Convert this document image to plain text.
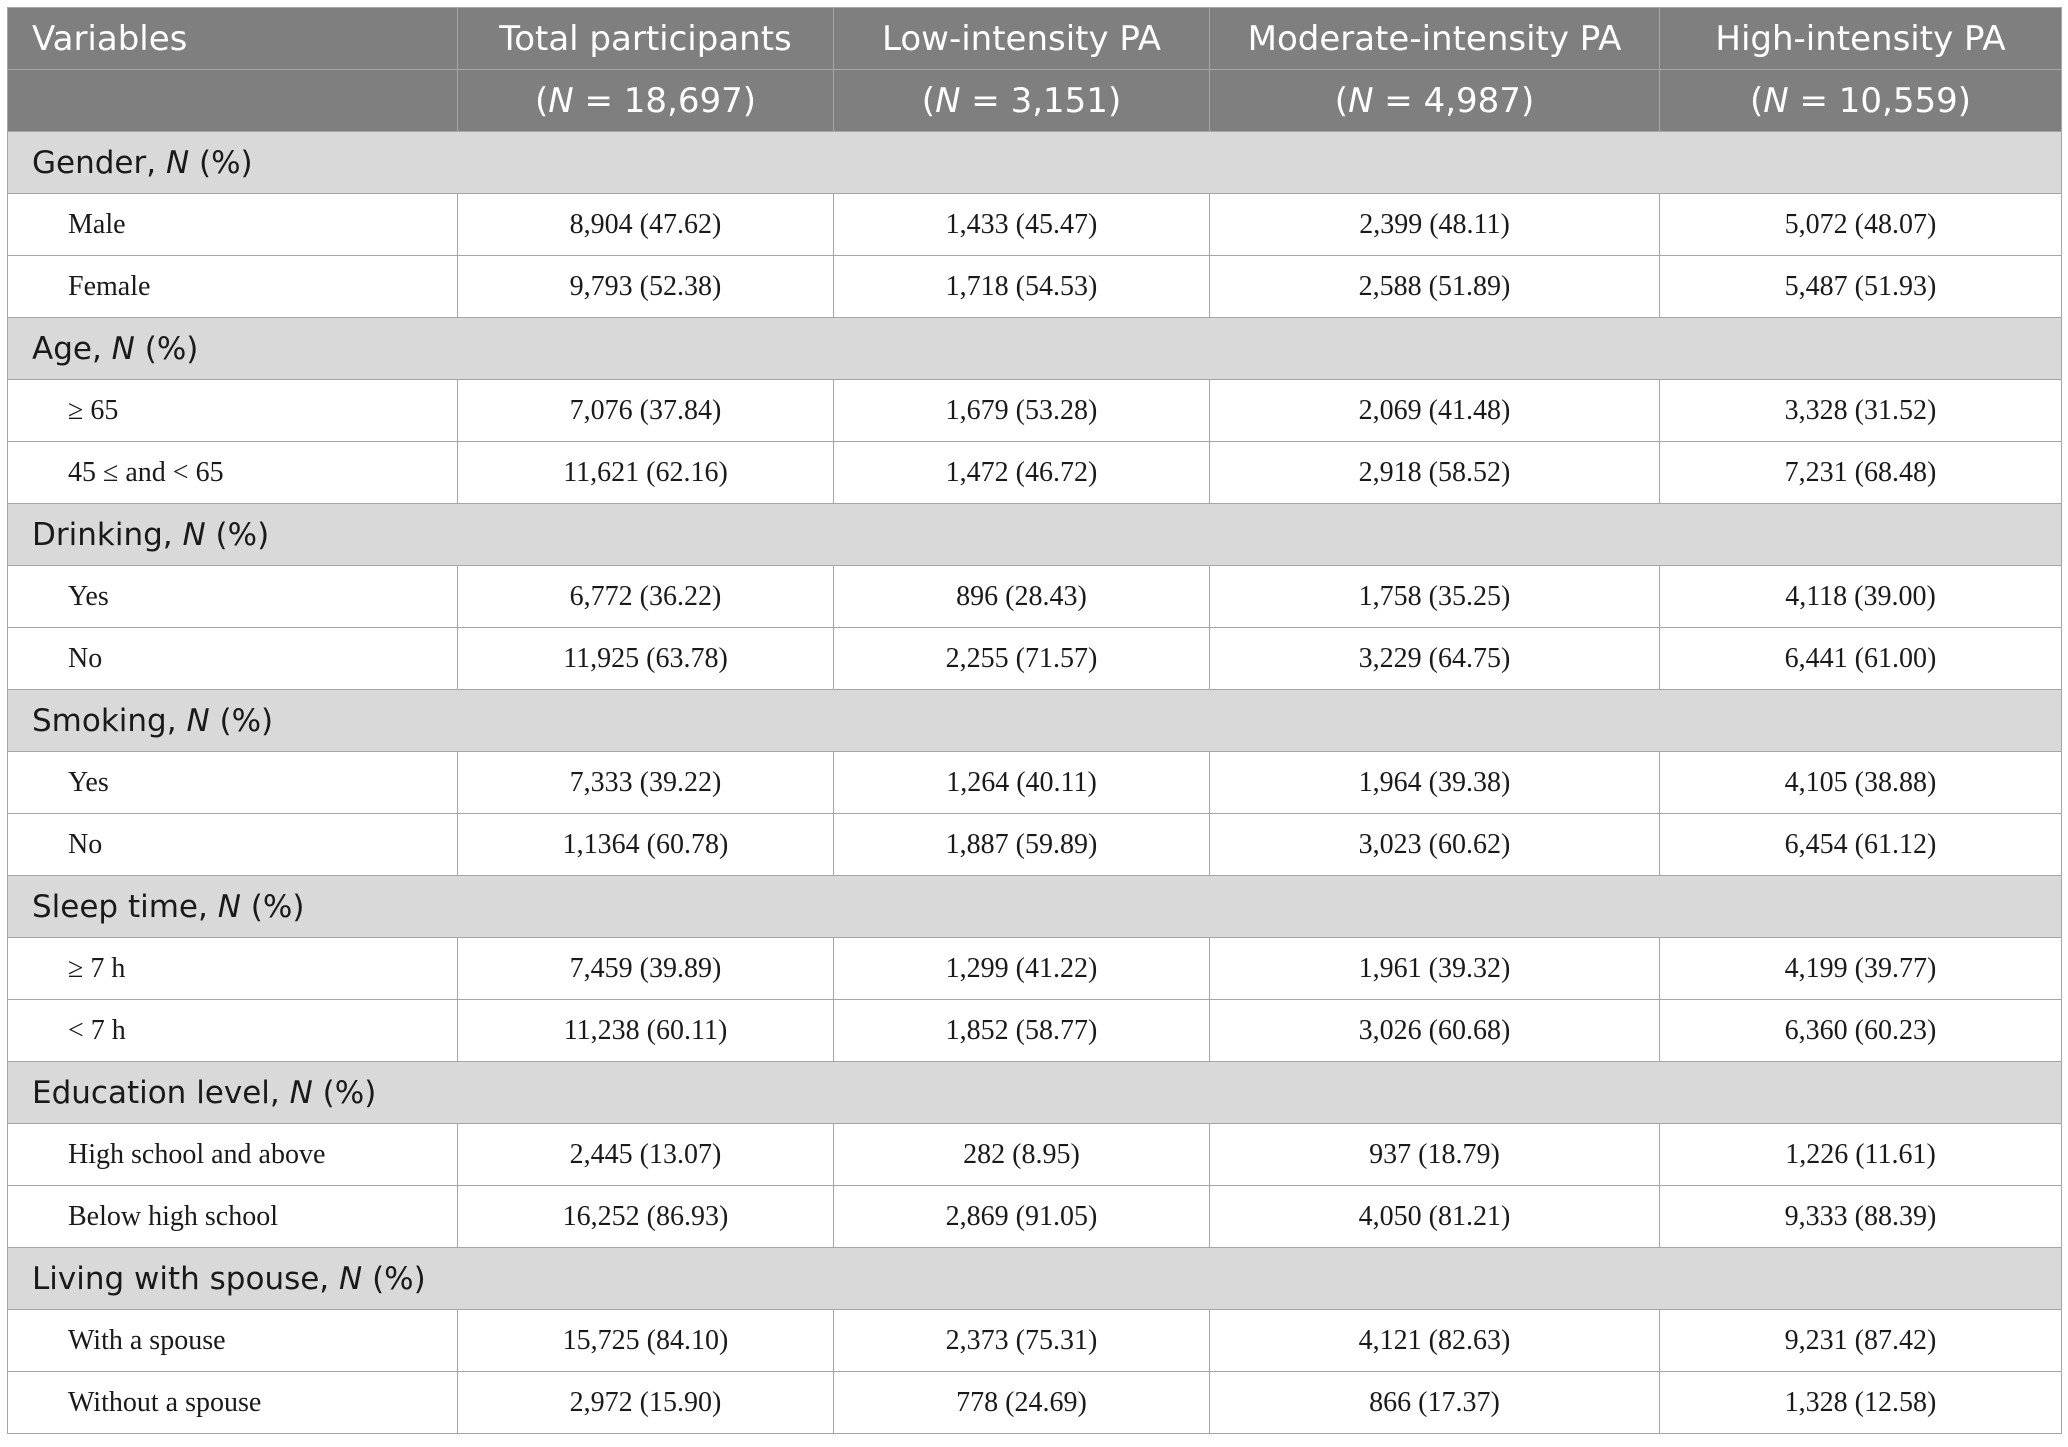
Variables	Total participants	Low-intensity PA	Moderate-intensity PA	High-intensity PA
	(N = 18,697)	(N = 3,151)	(N = 4,987)	(N = 10,559)
Gender, N (%)				
Male	8,904 (47.62)	1,433 (45.47)	2,399 (48.11)	5,072 (48.07)
Female	9,793 (52.38)	1,718 (54.53)	2,588 (51.89)	5,487 (51.93)
Age, N (%)				
≥ 65	7,076 (37.84)	1,679 (53.28)	2,069 (41.48)	3,328 (31.52)
45 ≤ and < 65	11,621 (62.16)	1,472 (46.72)	2,918 (58.52)	7,231 (68.48)
Drinking, N (%)				
Yes	6,772 (36.22)	896 (28.43)	1,758 (35.25)	4,118 (39.00)
No	11,925 (63.78)	2,255 (71.57)	3,229 (64.75)	6,441 (61.00)
Smoking, N (%)				
Yes	7,333 (39.22)	1,264 (40.11)	1,964 (39.38)	4,105 (38.88)
No	1,1364 (60.78)	1,887 (59.89)	3,023 (60.62)	6,454 (61.12)
Sleep time, N (%)				
≥ 7 h	7,459 (39.89)	1,299 (41.22)	1,961 (39.32)	4,199 (39.77)
< 7 h	11,238 (60.11)	1,852 (58.77)	3,026 (60.68)	6,360 (60.23)
Education level, N (%)				
High school and above	2,445 (13.07)	282 (8.95)	937 (18.79)	1,226 (11.61)
Below high school	16,252 (86.93)	2,869 (91.05)	4,050 (81.21)	9,333 (88.39)
Living with spouse, N (%)				
With a spouse	15,725 (84.10)	2,373 (75.31)	4,121 (82.63)	9,231 (87.42)
Without a spouse	2,972 (15.90)	778 (24.69)	866 (17.37)	1,328 (12.58)
